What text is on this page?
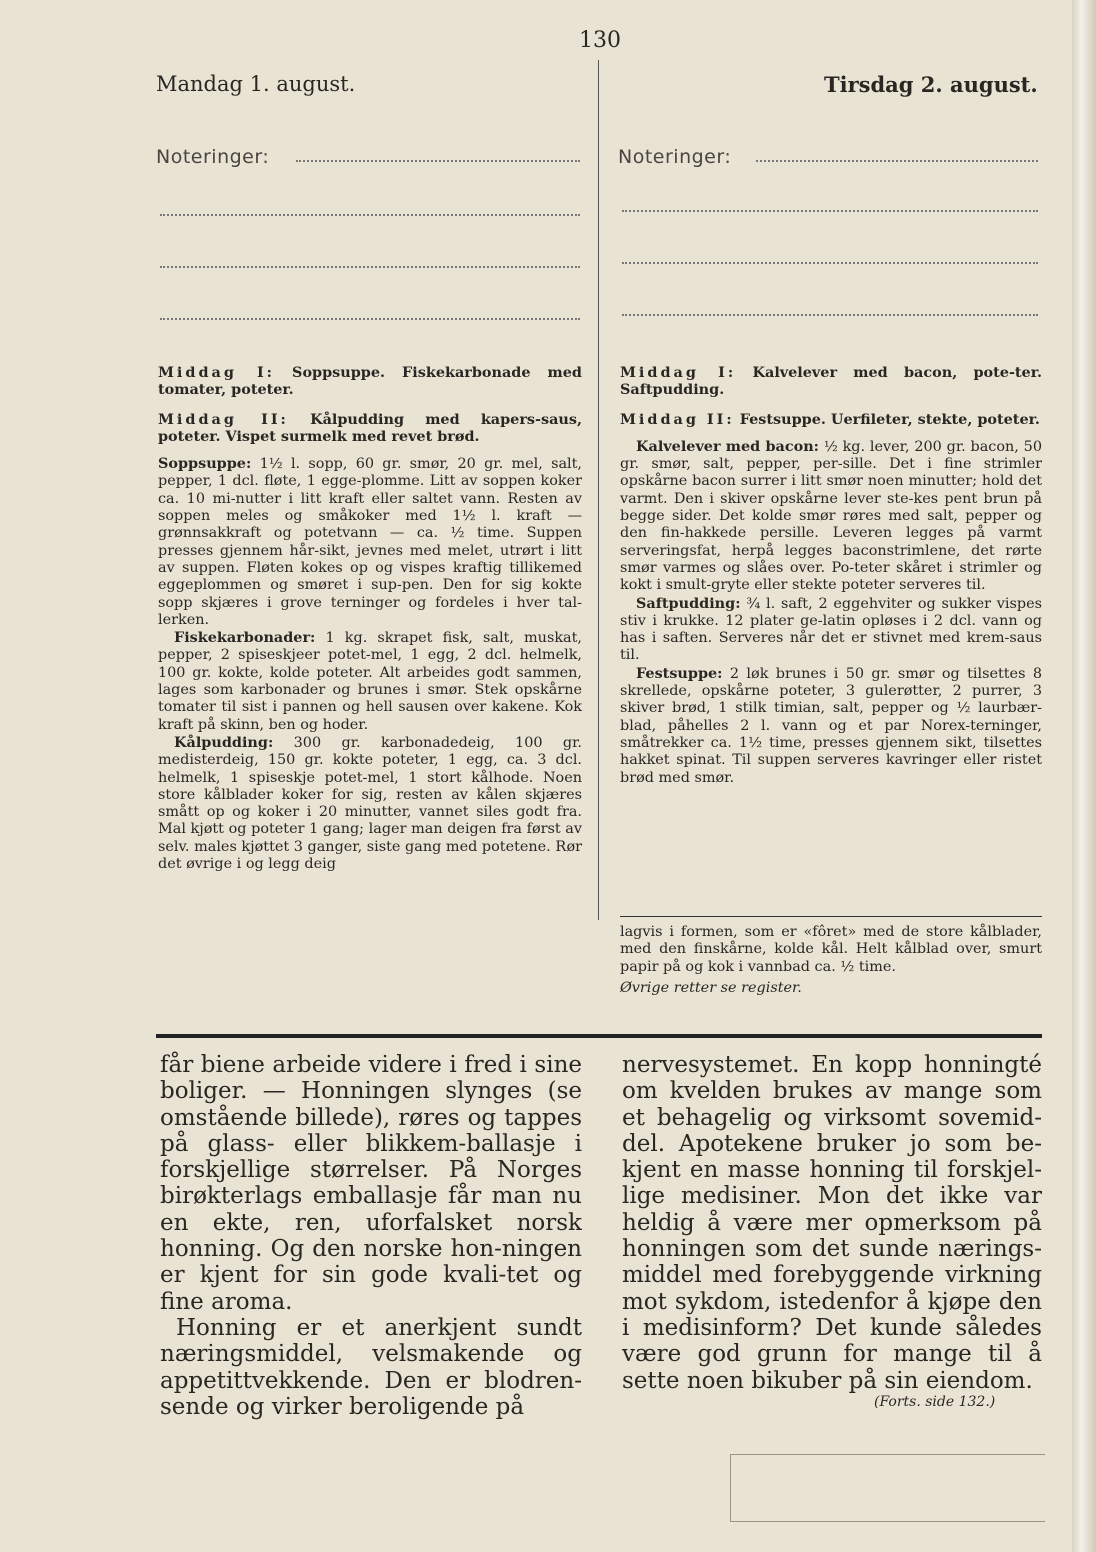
130
Mandag 1. august.	Tirsdag 2. august.
Noteringer:	Noteringer:

Middag I: Soppsuppe. Fiskekarbonade med tomater, poteter.

Middag II: Kålpudding med kapers-saus, poteter. Vispet surmelk med revet brød.

Soppsuppe: 1½ l. sopp, 60 gr. smør, 20 gr. mel, salt, pepper, 1 dcl. fløte, 1 egge-plomme. Litt av soppen koker ca. 10 mi-nutter i litt kraft eller saltet vann. Resten av soppen meles og småkoker med 1½ l. kraft — grønnsakkraft og potetvann — ca. ½ time. Suppen presses gjennem hår-sikt, jevnes med melet, utrørt i litt av suppen. Fløten kokes op og vispes kraftig tillikemed eggeplommen og smøret i sup-pen. Den for sig kokte sopp skjæres i grove terninger og fordeles i hver tal-lerken.

Fiskekarbonader: 1 kg. skrapet fisk, salt, muskat, pepper, 2 spiseskjeer potet-mel, 1 egg, 2 dcl. helmelk, 100 gr. kokte, kolde poteter. Alt arbeides godt sammen, lages som karbonader og brunes i smør. Stek opskårne tomater til sist i pannen og hell sausen over kakene. Kok kraft på skinn, ben og hoder.

Kålpudding: 300 gr. karbonadedeig, 100 gr. medisterdeig, 150 gr. kokte poteter, 1 egg, ca. 3 dcl. helmelk, 1 spiseskje potet-mel, 1 stort kålhode. Noen store kålblader koker for sig, resten av kålen skjæres smått op og koker i 20 minutter, vannet siles godt fra. Mal kjøtt og poteter 1 gang; lager man deigen fra først av selv. males kjøttet 3 ganger, siste gang med potetene. Rør det øvrige i og legg deig

Middag I: Kalvelever med bacon, pote-ter. Saftpudding.

Middag II: Festsuppe. Uerfileter, stekte, poteter.

Kalvelever med bacon: ½ kg. lever, 200 gr. bacon, 50 gr. smør, salt, pepper, per-sille. Det i fine strimler opskårne bacon surrer i litt smør noen minutter; hold det varmt. Den i skiver opskårne lever ste-kes pent brun på begge sider. Det kolde smør røres med salt, pepper og den fin-hakkede persille. Leveren legges på varmt serveringsfat, herpå legges baconstrimlene, det rørte smør varmes og slåes over. Po-teter skåret i strimler og kokt i smult-gryte eller stekte poteter serveres til.

Saftpudding: ¾ l. saft, 2 eggehviter og sukker vispes stiv i krukke. 12 plater ge-latin opløses i 2 dcl. vann og has i saften. Serveres når det er stivnet med krem-saus til.

Festsuppe: 2 løk brunes i 50 gr. smør og tilsettes 8 skrellede, opskårne poteter, 3 gulerøtter, 2 purrer, 3 skiver brød, 1 stilk timian, salt, pepper og ½ laurbær-blad, påhelles 2 l. vann og et par Norex-terninger, småtrekker ca. 1½ time, presses gjennem sikt, tilsettes hakket spinat. Til suppen serveres kavringer eller ristet brød med smør.

lagvis i formen, som er «fôret» med de store kålblader, med den finskårne, kolde kål. Helt kålblad over, smurt papir på og kok i vannbad ca. ½ time.

Øvrige retter se register.

får biene arbeide videre i fred i sine boliger. — Honningen slynges (se omstående billede), røres og tappes på glass- eller blikkem-ballasje i forskjellige størrelser. På Norges birøkterlags emballasje får man nu en ekte, ren, uforfalsket norsk honning. Og den norske hon-ningen er kjent for sin gode kvali-tet og fine aroma.

Honning er et anerkjent sundt næringsmiddel, velsmakende og appetittvekkende. Den er blodren-sende og virker beroligende på

nervesystemet. En kopp honningté om kvelden brukes av mange som et behagelig og virksomt sovemid-del. Apotekene bruker jo som be-kjent en masse honning til forskjel-lige medisiner. Mon det ikke var heldig å være mer opmerksom på honningen som det sunde nærings-middel med forebyggende virkning mot sykdom, istedenfor å kjøpe den i medisinform? Det kunde således være god grunn for mange til å sette noen bikuber på sin eiendom.

(Forts. side 132.)
